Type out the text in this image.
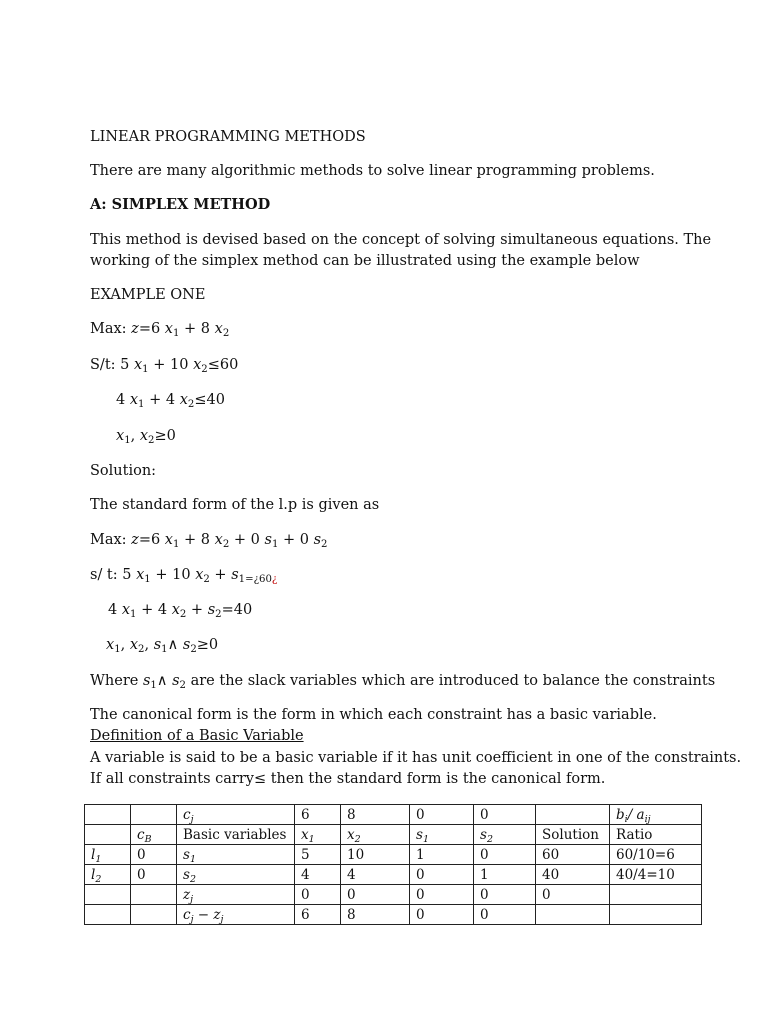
LINEAR PROGRAMMING METHODS
There are many algorithmic methods to solve linear programming problems.
A: SIMPLEX METHOD
This method is devised based on the concept of solving simultaneous equations. The
working of the simplex method can be illustrated using the example below
EXAMPLE ONE
Max: z=6 $x_1 + 8$ $x_2$
S/t: 5 $x_1 + 10$ $x_2\le 60$
4 $x_1 + 4$ $x_2\le 40$
$x_1$, $x_2\ge 0$
Solution:
The standard form of the l.p is given as
Max: z=6 $x_1 + 8$ $x_2 + 0$ $s_1 + 0$ $s_2$
s/ t: 5 $x_1 + 10$ $x_2 + s_{1=¿60¿}$
4 $x_1 + 4$ $x_2 + s_2=40$
$x_1$, $x_2$, $s_1\wedge$ $s_2\ge 0$
Where $s_1\wedge$ $s_2$ are the slack variables which are introduced to balance the constraints
The canonical form is the form in which each constraint has a basic variable.
Definition of a Basic Variable
A variable is said to be a basic variable if it has unit coefficient in one of the constraints.
If all constraints carry≤ then the standard form is the canonical form.
		$c_j$	6	8	0	0		$b_i/$ $a_{ij}$
	$c_B$	Basic variables	$x_1$	$x_2$	$s_1$	$s_2$	Solution	Ratio
$l_1$	0	$s_1$	5	10	1	0	60	60/10=6
$l_2$	0	$s_2$	4	4	0	1	40	40/4=10
		$z_j$	0	0	0	0	0	
		$c_j - z_j$	6	8	0	0		
